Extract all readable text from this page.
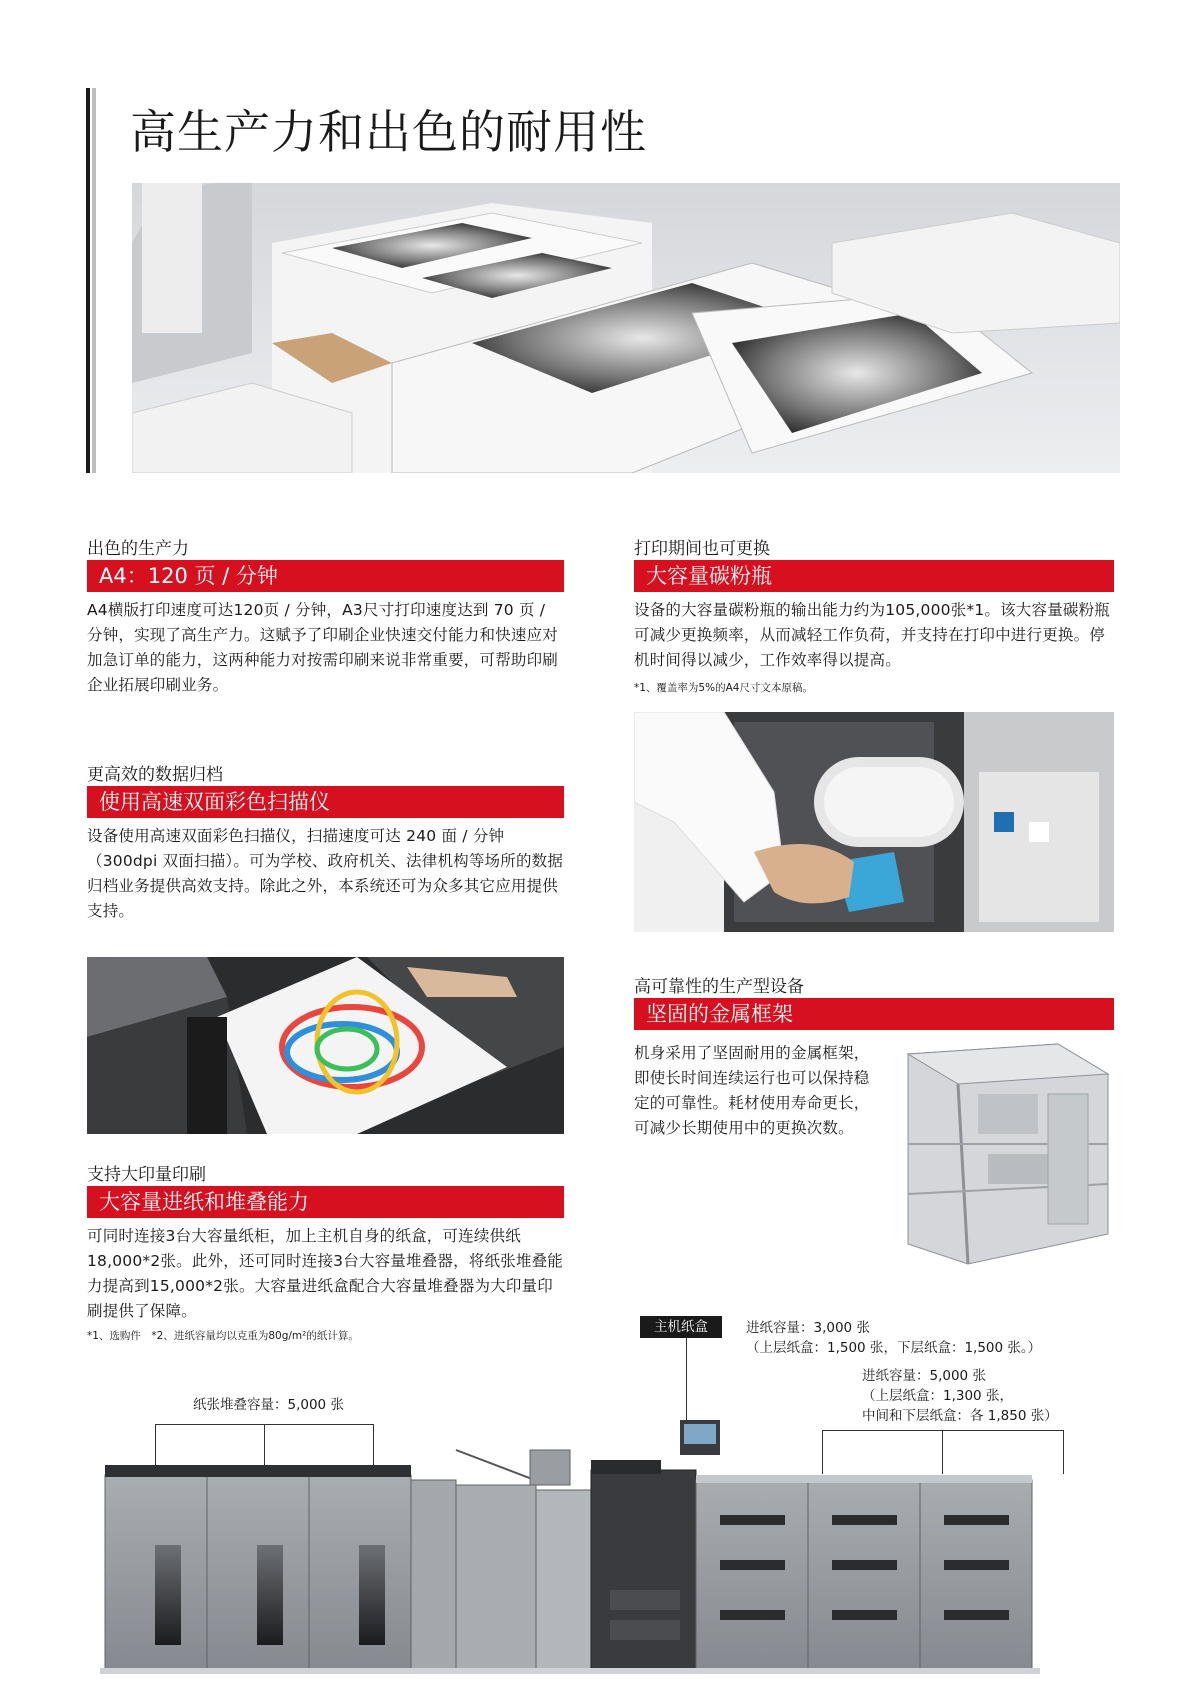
高生产力和出色的耐用性
出色的生产力
A4：120 页 / 分钟
A4横版打印速度可达120页 / 分钟，A3尺寸打印速度达到 70 页 / 分钟，实现了高生产力。这赋予了印刷企业快速交付能力和快速应对加急订单的能力，这两种能力对按需印刷来说非常重要，可帮助印刷企业拓展印刷业务。
更高效的数据归档
使用高速双面彩色扫描仪
设备使用高速双面彩色扫描仪，扫描速度可达 240 面 / 分钟（300dpi 双面扫描）。可为学校、政府机关、法律机构等场所的数据归档业务提供高效支持。除此之外，本系统还可为众多其它应用提供支持。
支持大印量印刷
大容量进纸和堆叠能力
可同时连接3台大容量纸柜，加上主机自身的纸盒，可连续供纸18,000*2张。此外，还可同时连接3台大容量堆叠器，将纸张堆叠能力提高到15,000*2张。大容量进纸盒配合大容量堆叠器为大印量印刷提供了保障。
*1、选购件　*2、进纸容量均以克重为80g/m²的纸计算。
打印期间也可更换
大容量碳粉瓶
设备的大容量碳粉瓶的输出能力约为105,000张*1。该大容量碳粉瓶可减少更换频率，从而减轻工作负荷，并支持在打印中进行更换。停机时间得以减少，工作效率得以提高。
*1、覆盖率为5%的A4尺寸文本原稿。
高可靠性的生产型设备
坚固的金属框架
机身采用了坚固耐用的金属框架，即使长时间连续运行也可以保持稳定的可靠性。耗材使用寿命更长，可减少长期使用中的更换次数。
主机纸盒	进纸容量：3,000 张
（上层纸盒：1,500 张，下层纸盒：1,500 张。）
纸张堆叠容量：5,000 张
进纸容量：5,000 张
（上层纸盒：1,300 张，
中间和下层纸盒：各 1,850 张）
